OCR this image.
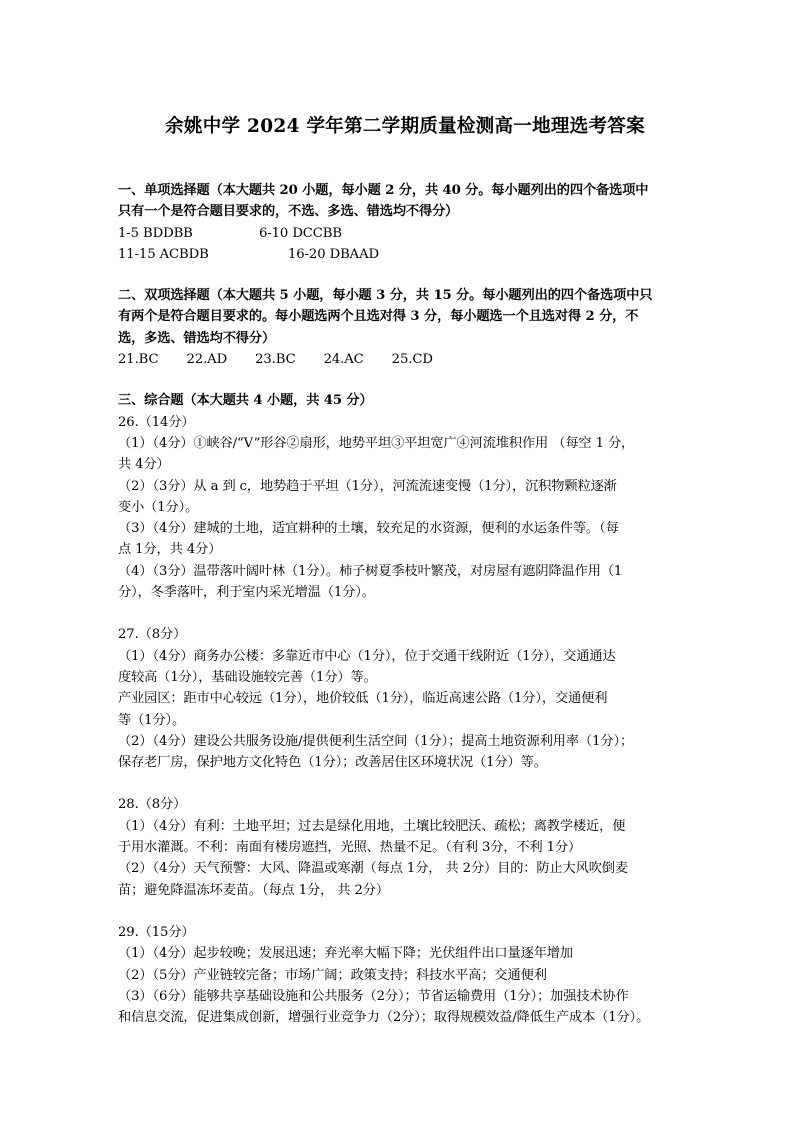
余姚中学 2024 学年第二学期质量检测高一地理选考答案
一、单项选择题（本大题共 20 小题，每小题 2 分，共 40 分。每小题列出的四个备选项中
只有一个是符合题目要求的，不选、多选、错选均不得分）
1-5 BDDBB	6-10 DCCBB
11-15 ACBDB	16-20 DBAAD
二、双项选择题（本大题共 5 小题，每小题 3 分，共 15 分。每小题列出的四个备选项中只
有两个是符合题目要求的。每小题选两个且选对得 3 分，每小题选一个且选对得 2 分，不
选，多选、错选均不得分）
21.BC 22.AD 23.BC 24.AC 25.CD
三、综合题（本大题共 4 小题，共 45 分）
26.（14分）
（1）（4分）①峡谷/“V”形谷②扇形，地势平坦③平坦宽广④河流堆积作用 （每空 1 分，
共 4分）
（2）（3分）从 a 到 c，地势趋于平坦（1分），河流流速变慢（1分），沉积物颗粒逐渐
变小（1分）。
（3）（4分）建城的土地，适宜耕种的土壤，较充足的水资源，便利的水运条件等。（每
点 1分，共 4分）
（4）（3分）温带落叶阔叶林（1分）。柿子树夏季枝叶繁茂，对房屋有遮阴降温作用（1
分），冬季落叶，利于室内采光增温（1分）。
27.（8分）
（1）（4分）商务办公楼：多靠近市中心（1分），位于交通干线附近（1分），交通通达
度较高（1分），基础设施较完善（1分）等。
产业园区：距市中心较远（1分），地价较低（1分），临近高速公路（1分），交通便利
等（1分）。
（2）（4分）建设公共服务设施/提供便利生活空间（1分）；提高土地资源利用率（1分）；
保存老厂房，保护地方文化特色（1分）；改善居住区环境状况（1分）等。
28.（8分）
（1）（4分）有利：土地平坦；过去是绿化用地，土壤比较肥沃、疏松；离教学楼近，便
于用水灌溉。不利：南面有楼房遮挡，光照、热量不足。（有利 3分，不利 1分）
（2）（4分）天气预警：大风、降温或寒潮（每点 1分， 共 2分）目的：防止大风吹倒麦
苗；避免降温冻坏麦苗。（每点 1分， 共 2分）
29.（15分）
（1）（4分）起步较晚；发展迅速；弃光率大幅下降；光伏组件出口量逐年增加
（2）（5分）产业链较完备；市场广阔；政策支持；科技水平高；交通便利
（3）（6分）能够共享基础设施和公共服务（2分）；节省运输费用（1分）；加强技术协作
和信息交流，促进集成创新，增强行业竞争力（2分）；取得规模效益/降低生产成本（1分）。
